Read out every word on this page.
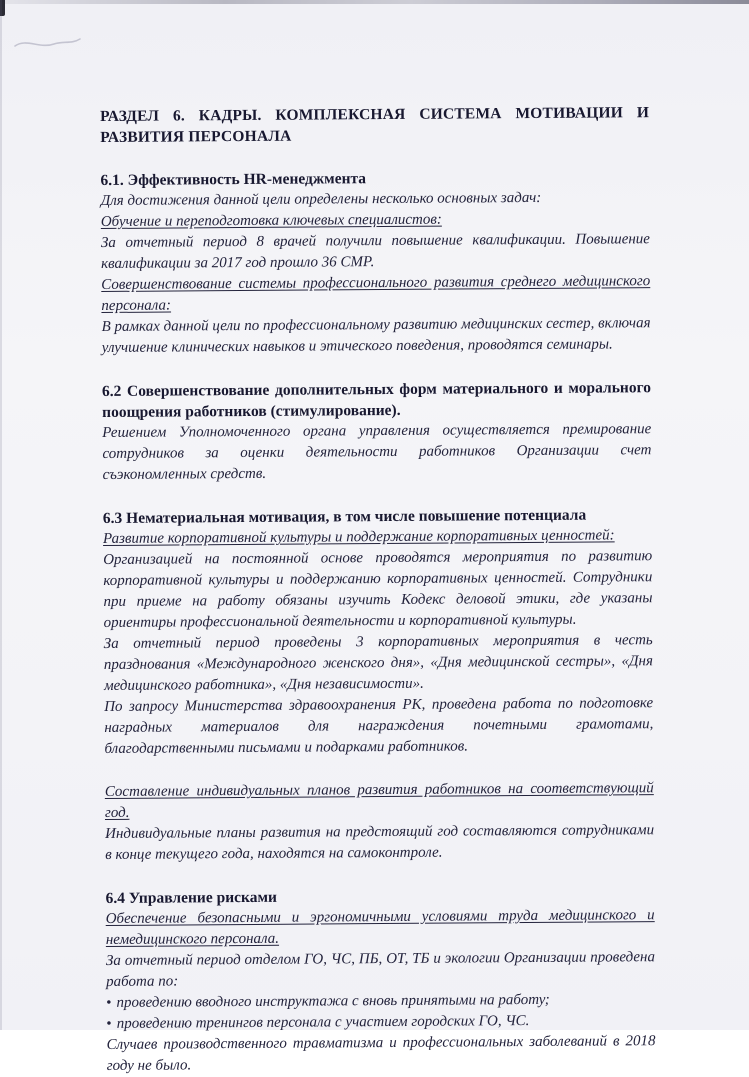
РАЗДЕЛ 6. КАДРЫ. КОМПЛЕКСНАЯ СИСТЕМА МОТИВАЦИИ И РАЗВИТИЯ ПЕРСОНАЛА
6.1. Эффективность HR-менеджмента

Для достижения данной цели определены несколько основных задач:

Обучение и переподготовка ключевых специалистов:

За отчетный период 8 врачей получили повышение квалификации. Повышение квалификации за 2017 год прошло 36 СМР.

Совершенствование системы профессионального развития среднего медицинского персонала:

В рамках данной цели по профессиональному развитию медицинских сестер, включая улучшение клинических навыков и этического поведения, проводятся семинары.

6.2 Совершенствование дополнительных форм материального и морального поощрения работников (стимулирование).

Решением Уполномоченного органа управления осуществляется премирование сотрудников за оценки деятельности работников Организации счет съэкономленных средств.

6.3 Нематериальная мотивация, в том числе повышение потенциала

Развитие корпоративной культуры и поддержание корпоративных ценностей:

Организацией на постоянной основе проводятся мероприятия по развитию корпоративной культуры и поддержанию корпоративных ценностей. Сотрудники при приеме на работу обязаны изучить Кодекс деловой этики, где указаны ориентиры профессиональной деятельности и корпоративной культуры.

За отчетный период проведены 3 корпоративных мероприятия в честь празднования «Международного женского дня», «Дня медицинской сестры», «Дня медицинского работника», «Дня независимости».

По запросу Министерства здравоохранения РК, проведена работа по подготовке наградных материалов для награждения почетными грамотами, благодарственными письмами и подарками работников.

Составление индивидуальных планов развития работников на соответствующий год.

Индивидуальные планы развития на предстоящий год составляются сотрудниками в конце текущего года, находятся на самоконтроле.

6.4 Управление рисками

Обеспечение безопасными и эргономичными условиями труда медицинского и немедицинского персонала.

За отчетный период отделом ГО, ЧС, ПБ, ОТ, ТБ и экологии Организации проведена работа по:

• проведению вводного инструктажа с вновь принятыми на работу;

• проведению тренингов персонала с участием городских ГО, ЧС.

Случаев производственного травматизма и профессиональных заболеваний в 2018 году не было.
